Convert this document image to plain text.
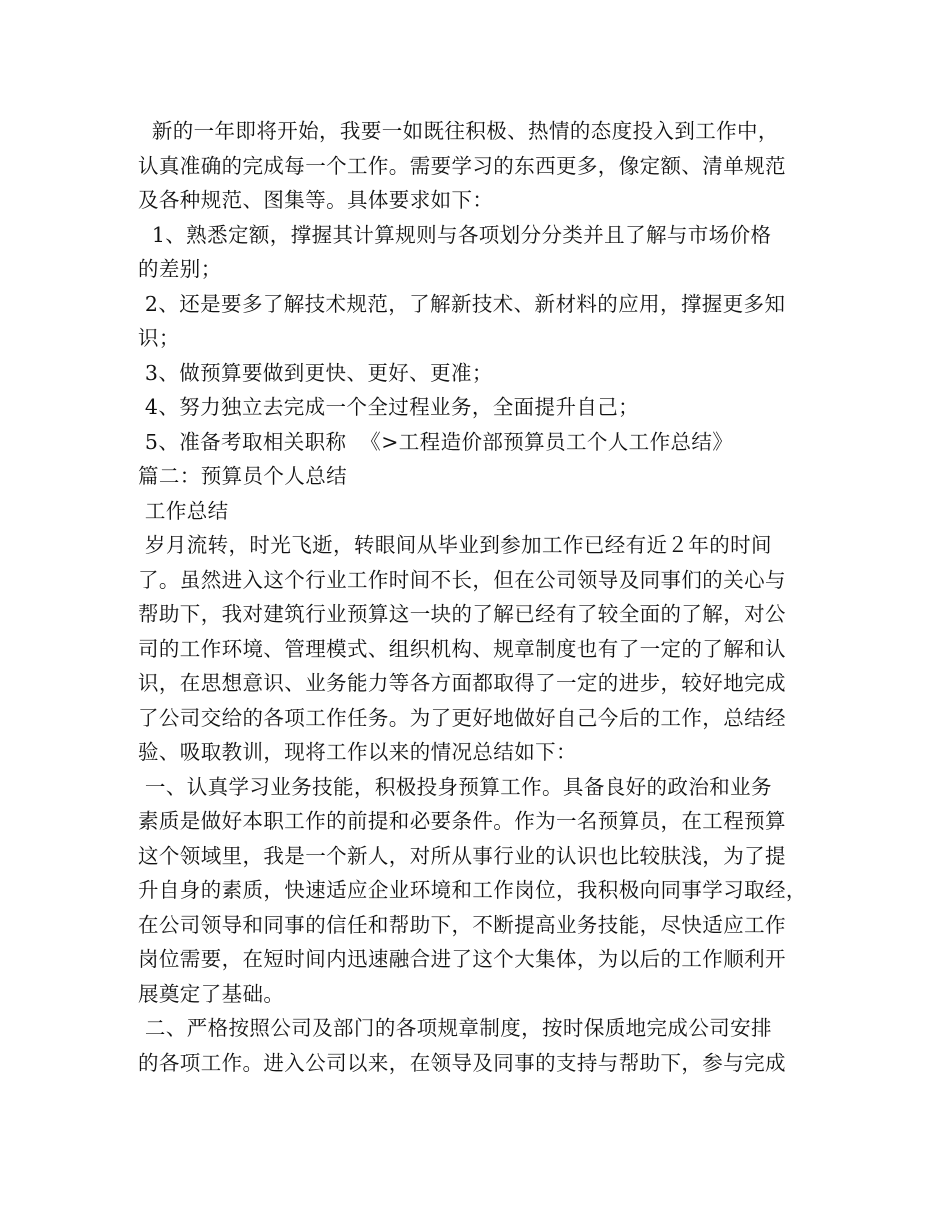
新的一年即将开始，我要一如既往积极、热情的态度投入到工作中，
认真准确的完成每一个工作。需要学习的东西更多，像定额、清单规范
及各种规范、图集等。具体要求如下：
1、熟悉定额，撑握其计算规则与各项划分分类并且了解与市场价格
的差别；
2、还是要多了解技术规范，了解新技术、新材料的应用，撑握更多知
识；
3、做预算要做到更快、更好、更准；
4、努力独立去完成一个全过程业务，全面提升自己；
5、准备考取相关职称  《>工程造价部预算员工个人工作总结》
篇二：预算员个人总结
工作总结
岁月流转，时光飞逝，转眼间从毕业到参加工作已经有近２年的时间
了。虽然进入这个行业工作时间不长，但在公司领导及同事们的关心与
帮助下，我对建筑行业预算这一块的了解已经有了较全面的了解，对公
司的工作环境、管理模式、组织机构、规章制度也有了一定的了解和认
识，在思想意识、业务能力等各方面都取得了一定的进步，较好地完成
了公司交给的各项工作任务。为了更好地做好自己今后的工作，总结经
验、吸取教训，现将工作以来的情况总结如下：
一、认真学习业务技能，积极投身预算工作。具备良好的政治和业务
素质是做好本职工作的前提和必要条件。作为一名预算员，在工程预算
这个领域里，我是一个新人，对所从事行业的认识也比较肤浅，为了提
升自身的素质，快速适应企业环境和工作岗位，我积极向同事学习取经，
在公司领导和同事的信任和帮助下，不断提高业务技能，尽快适应工作
岗位需要，在短时间内迅速融合进了这个大集体，为以后的工作顺利开
展奠定了基础。
二、严格按照公司及部门的各项规章制度，按时保质地完成公司安排
的各项工作。进入公司以来，在领导及同事的支持与帮助下，参与完成
